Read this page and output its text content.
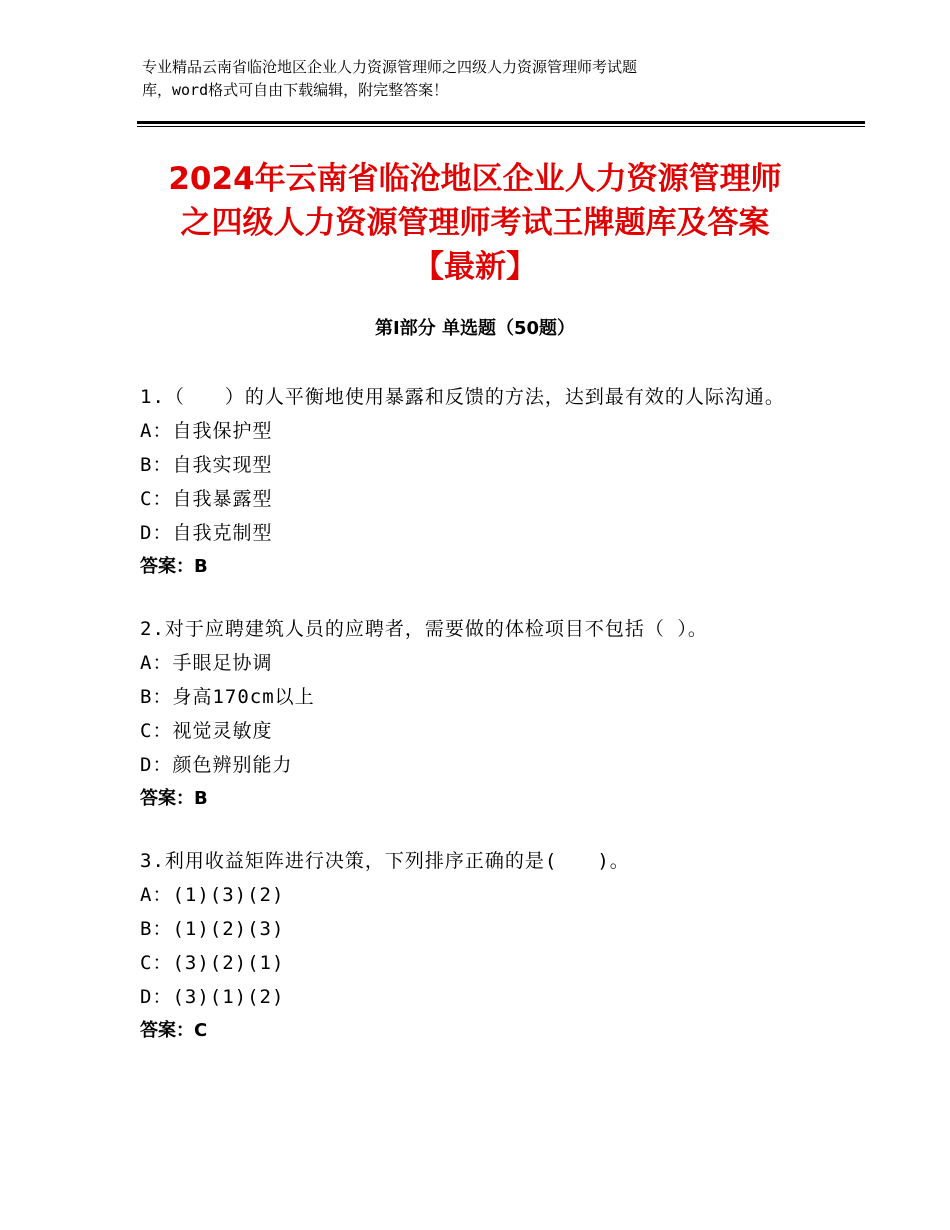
专业精品云南省临沧地区企业人力资源管理师之四级人力资源管理师考试题
库，word格式可自由下载编辑，附完整答案！
2024年云南省临沧地区企业人力资源管理师
之四级人力资源管理师考试王牌题库及答案
【最新】
第Ⅰ部分 单选题（50题）
1.（　　）的人平衡地使用暴露和反馈的方法，达到最有效的人际沟通。
A：自我保护型
B：自我实现型
C：自我暴露型
D：自我克制型
答案：B
2.对于应聘建筑人员的应聘者，需要做的体检项目不包括（ ）。
A：手眼足协调
B：身高170cm以上
C：视觉灵敏度
D：颜色辨别能力
答案：B
3.利用收益矩阵进行决策，下列排序正确的是(　　)。
A：(1)(3)(2)
B：(1)(2)(3)
C：(3)(2)(1)
D：(3)(1)(2)
答案：C
